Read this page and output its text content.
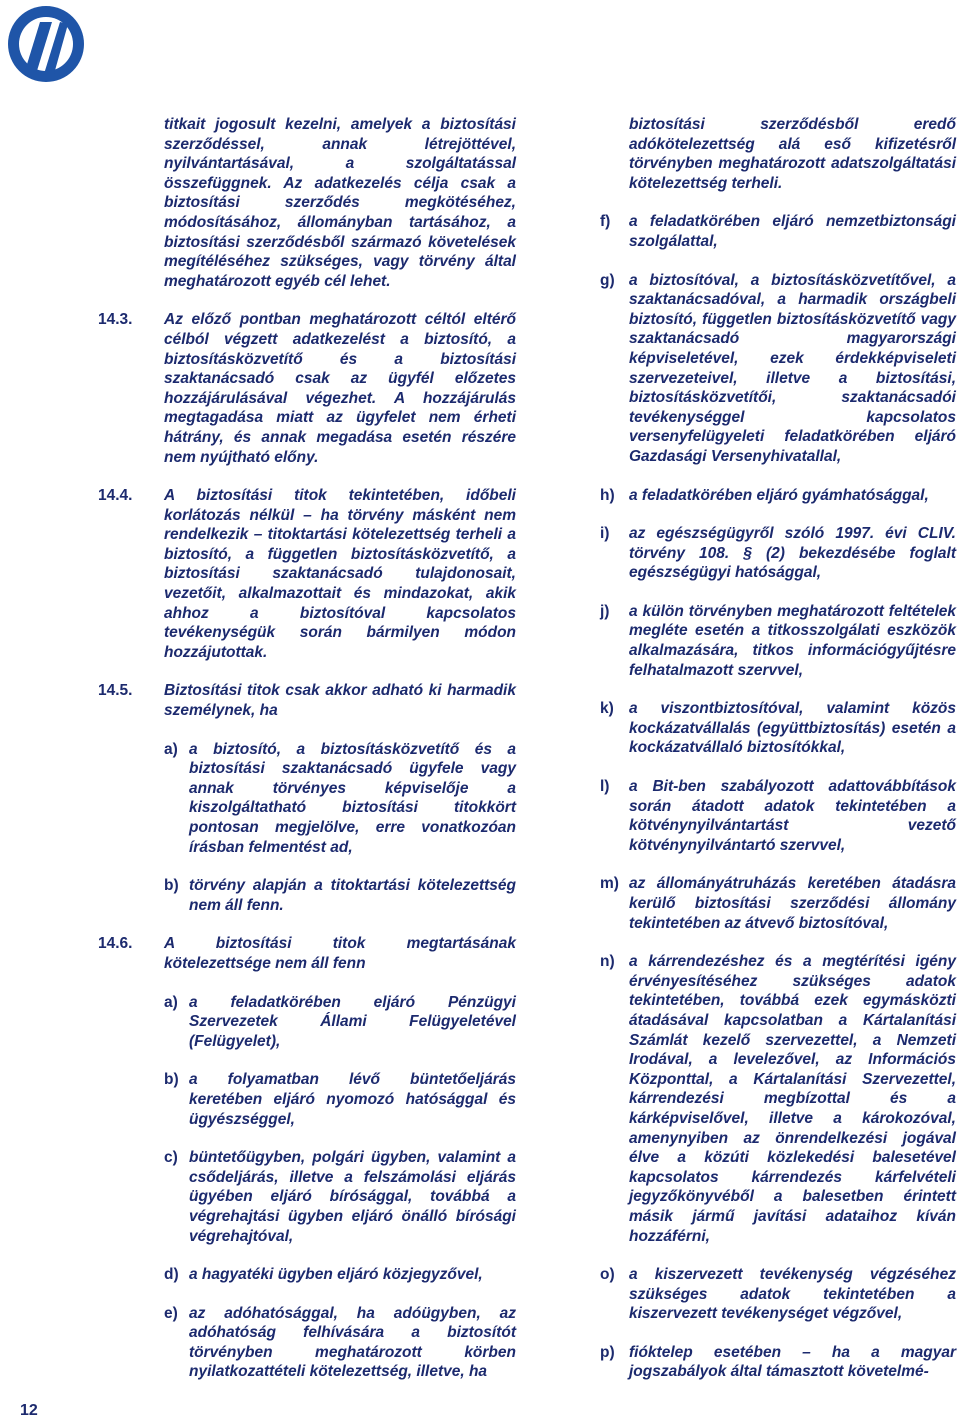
titkait jogosult kezelni, amelyek a biztosítási szerződéssel, annak létrejöttével, nyilvántartásával, a szolgáltatással összefüggnek. Az adatkezelés célja csak a biztosítási szerződés megkötéséhez, módosításához, állományban tartásához, a biztosítási szerződésből származó követelések megítéléséhez szükséges, vagy törvény által meghatározott egyéb cél lehet.
14.3. Az előző pontban meghatározott céltól eltérő célból végzett adatkezelést a biztosító, a biztosításközvetítő és a biztosítási szaktanácsadó csak az ügyfél előzetes hozzájárulásával végezhet. A hozzájárulás megtagadása miatt az ügyfelet nem érheti hátrány, és annak megadása esetén részére nem nyújtható előny.
14.4. A biztosítási titok tekintetében, időbeli korlátozás nélkül – ha törvény másként nem rendelkezik – titoktartási kötelezettség terheli a biztosító, a független biztosításközvetítő, a biztosítási szaktanácsadó tulajdonosait, vezetőit, alkalmazottait és mindazokat, akik ahhoz a biztosítóval kapcsolatos tevékenységük során bármilyen módon hozzájutottak.
14.5. Biztosítási titok csak akkor adható ki harmadik személynek, ha
a) a biztosító, a biztosításközvetítő és a biztosítási szaktanácsadó ügyfele vagy annak törvényes képviselője a kiszolgáltatható biztosítási titokkört pontosan megjelölve, erre vonatkozóan írásban felmentést ad,
b) törvény alapján a titoktartási kötelezettség nem áll fenn.
14.6. A biztosítási titok megtartásának kötelezettsége nem áll fenn
a) a feladatkörében eljáró Pénzügyi Szervezetek Állami Felügyeletével (Felügyelet),
b) a folyamatban lévő büntetőeljárás keretében eljáró nyomozó hatósággal és ügyészséggel,
c) büntetőügyben, polgári ügyben, valamint a csődeljárás, illetve a felszámolási eljárás ügyében eljáró bírósággal, továbbá a végrehajtási ügyben eljáró önálló bírósági végrehajtóval,
d) a hagyatéki ügyben eljáró közjegyzővel,
e) az adóhatósággal, ha adóügyben, az adóhatóság felhívására a biztosítót törvényben meghatározott körben nyilatkozattételi kötelezettség, illetve, ha
biztosítási szerződésből eredő adókötelezettség alá eső kifizetésről törvényben meghatározott adatszolgáltatási kötelezettség terheli.
f) a feladatkörében eljáró nemzetbiztonsági szolgálattal,
g) a biztosítóval, a biztosításközvetítővel, a szaktanácsadóval, a harmadik országbeli biztosító, független biztosításközvetítő vagy szaktanácsadó magyarországi képviseletével, ezek érdekképviseleti szervezeteivel, illetve a biztosítási, biztosításközvetítői, szaktanácsadói tevékenységgel kapcsolatos versenyfelügyeleti feladatkörében eljáró Gazdasági Versenyhivatallal,
h) a feladatkörében eljáró gyámhatósággal,
i) az egészségügyről szóló 1997. évi CLIV. törvény 108. § (2) bekezdésébe foglalt egészségügyi hatósággal,
j) a külön törvényben meghatározott feltételek megléte esetén a titkosszolgálati eszközök alkalmazására, titkos információgyűjtésre felhatalmazott szervvel,
k) a viszontbiztosítóval, valamint közös kockázatvállalás (együttbiztosítás) esetén a kockázatvállaló biztosítókkal,
l) a Bit-ben szabályozott adattovábbítások során átadott adatok tekintetében a kötvénynyilvántartást vezető kötvénynyilvántartó szervvel,
m) az állományátruházás keretében átadásra kerülő biztosítási szerződési állomány tekintetében az átvevő biztosítóval,
n) a kárrendezéshez és a megtérítési igény érvényesítéséhez szükséges adatok tekintetében, továbbá ezek egymásközti átadásával kapcsolatban a Kártalanítási Számlát kezelő szervezettel, a Nemzeti Irodával, a levelezővel, az Információs Központtal, a Kártalanítási Szervezettel, kárrendezési megbízottal és a kárképviselővel, illetve a károkozóval, amenynyiben az önrendelkezési jogával élve a közúti közlekedési balesetével kapcsolatos kárrendezés kárfelvételi jegyzőkönyvéből a balesetben érintett másik jármű javítási adataihoz kíván hozzáférni,
o) a kiszervezett tevékenység végzéséhez szükséges adatok tekintetében a kiszervezett tevékenységet végzővel,
p) fióktelep esetében – ha a magyar jogszabályok által támasztott követelmé-
12
